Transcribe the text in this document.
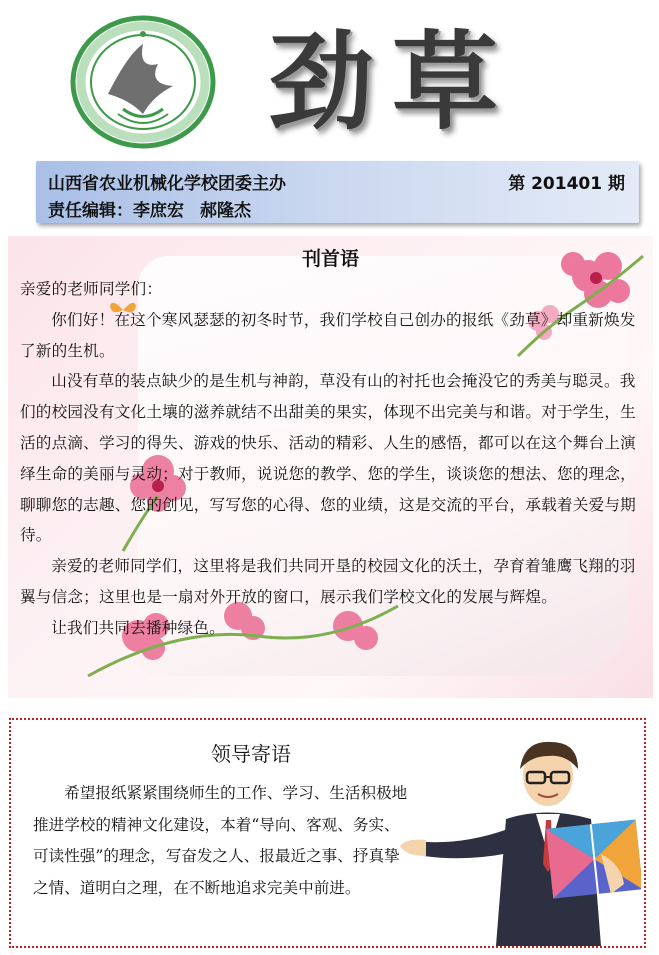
劲草
山西省农业机械化学校团委主办	第 201401 期
责任编辑：李庶宏 郝隆杰
刊首语

亲爱的老师同学们：

你们好！在这个寒风瑟瑟的初冬时节，我们学校自己创办的报纸《劲草》却重新焕发了新的生机。

山没有草的装点缺少的是生机与神韵，草没有山的衬托也会掩没它的秀美与聪灵。我们的校园没有文化土壤的滋养就结不出甜美的果实，体现不出完美与和谐。对于学生，生活的点滴、学习的得失、游戏的快乐、活动的精彩、人生的感悟，都可以在这个舞台上演绎生命的美丽与灵动；对于教师，说说您的教学、您的学生，谈谈您的想法、您的理念，聊聊您的志趣、您的创见，写写您的心得、您的业绩，这是交流的平台，承载着关爱与期待。

亲爱的老师同学们，这里将是我们共同开垦的校园文化的沃土，孕育着雏鹰飞翔的羽翼与信念；这里也是一扇对外开放的窗口，展示我们学校文化的发展与辉煌。

让我们共同去播种绿色。

领导寄语

希望报纸紧紧围绕师生的工作、学习、生活积极地推进学校的精神文化建设，本着“导向、客观、务实、可读性强”的理念，写奋发之人、报最近之事、抒真挚之情、道明白之理，在不断地追求完美中前进。
